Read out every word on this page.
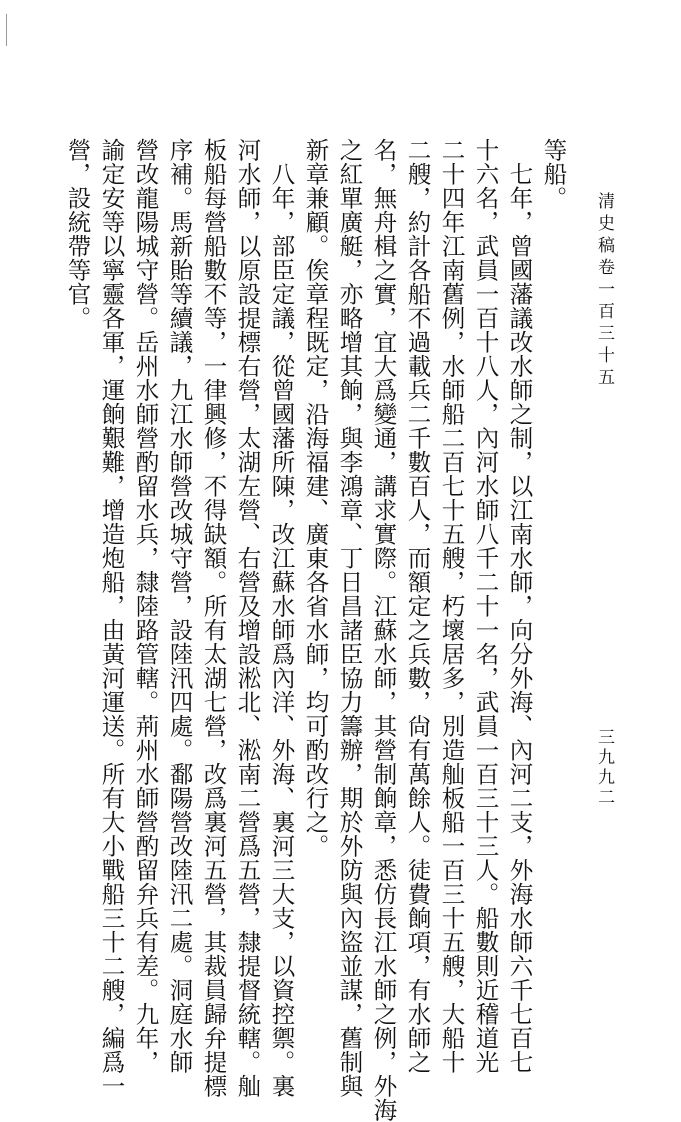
清史稿卷一百三十五
三九九二
等船。
　七年，曾國藩議改水師之制，以江南水師，向分外海、內河二支，外海水師六千七百七
十六名，武員一百十八人，內河水師八千二十一名，武員一百三十三人。船數則近稽道光
二十四年江南舊例，水師船二百七十五艘，朽壞居多，別造舢板船一百三十五艘，大船十
二艘，約計各船不過載兵二千數百人，而額定之兵數，尙有萬餘人。徒費餉項，有水師之
名，無舟楫之實，宜大爲變通，講求實際。江蘇水師，其營制餉章，悉仿長江水師之例，外海
之紅單廣艇，亦略增其餉，與李鴻章、丁日昌諸臣協力籌辦，期於外防與內盜並謀，舊制與
新章兼顧。俟章程既定，沿海福建、廣東各省水師，均可酌改行之。
　八年，部臣定議，從曾國藩所陳，改江蘇水師爲內洋、外海、裏河三大支，以資控禦。裏
河水師，以原設提標右營，太湖左營、右營及增設淞北、淞南二營爲五營，隸提督統轄。舢
板船每營船數不等，一律興修，不得缺額。所有太湖七營，改爲裏河五營，其裁員歸弁提標
序補。馬新貽等續議，九江水師營改城守營，設陸汛四處。鄱陽營改陸汛二處。洞庭水師
營改龍陽城守營。岳州水師營酌留水兵，隸陸路管轄。荊州水師營酌留弁兵有差。九年，
諭定安等以寧靈各軍，運餉艱難，增造炮船，由黃河運送。所有大小戰船三十二艘，編爲一
營，設統帶等官。
